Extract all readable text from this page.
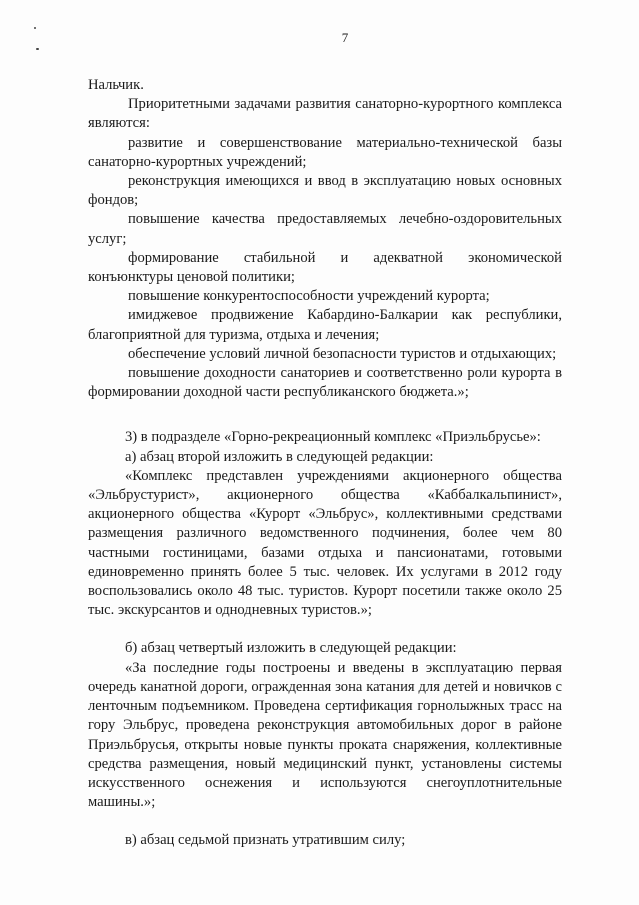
7

Нальчик.

Приоритетными задачами развития санаторно-курортного комплекса являются:

развитие и совершенствование материально-технической базы санаторно-курортных учреждений;

реконструкция имеющихся и ввод в эксплуатацию новых основных фондов;

повышение качества предоставляемых лечебно-оздоровительных услуг;

формирование стабильной и адекватной экономической конъюнктуры ценовой политики;

повышение конкурентоспособности учреждений курорта;

имиджевое продвижение Кабардино-Балкарии как республики, благоприятной для туризма, отдыха и лечения;

обеспечение условий личной безопасности туристов и отдыхающих;

повышение доходности санаториев и соответственно роли курорта в формировании доходной части республиканского бюджета.»;

3) в подразделе «Горно-рекреационный комплекс «Приэльбрусье»:

а) абзац второй изложить в следующей редакции:

«Комплекс представлен учреждениями акционерного общества «Эльбрустурист», акционерного общества «Каббалкальпинист», акционерного общества «Курорт «Эльбрус», коллективными средствами размещения различного ведомственного подчинения, более чем 80 частными гостиницами, базами отдыха и пансионатами, готовыми единовременно принять более 5 тыс. человек. Их услугами в 2012 году воспользовались около 48 тыс. туристов. Курорт посетили также около 25 тыс. экскурсантов и однодневных туристов.»;

б) абзац четвертый изложить в следующей редакции:

«За последние годы построены и введены в эксплуатацию первая очередь канатной дороги, огражденная зона катания для детей и новичков с ленточным подъемником. Проведена сертификация горнолыжных трасс на гору Эльбрус, проведена реконструкция автомобильных дорог в районе Приэльбрусья, открыты новые пункты проката снаряжения, коллективные средства размещения, новый медицинский пункт, установлены системы искусственного оснежения и используются снегоуплотнительные машины.»;

в) абзац седьмой признать утратившим силу;
